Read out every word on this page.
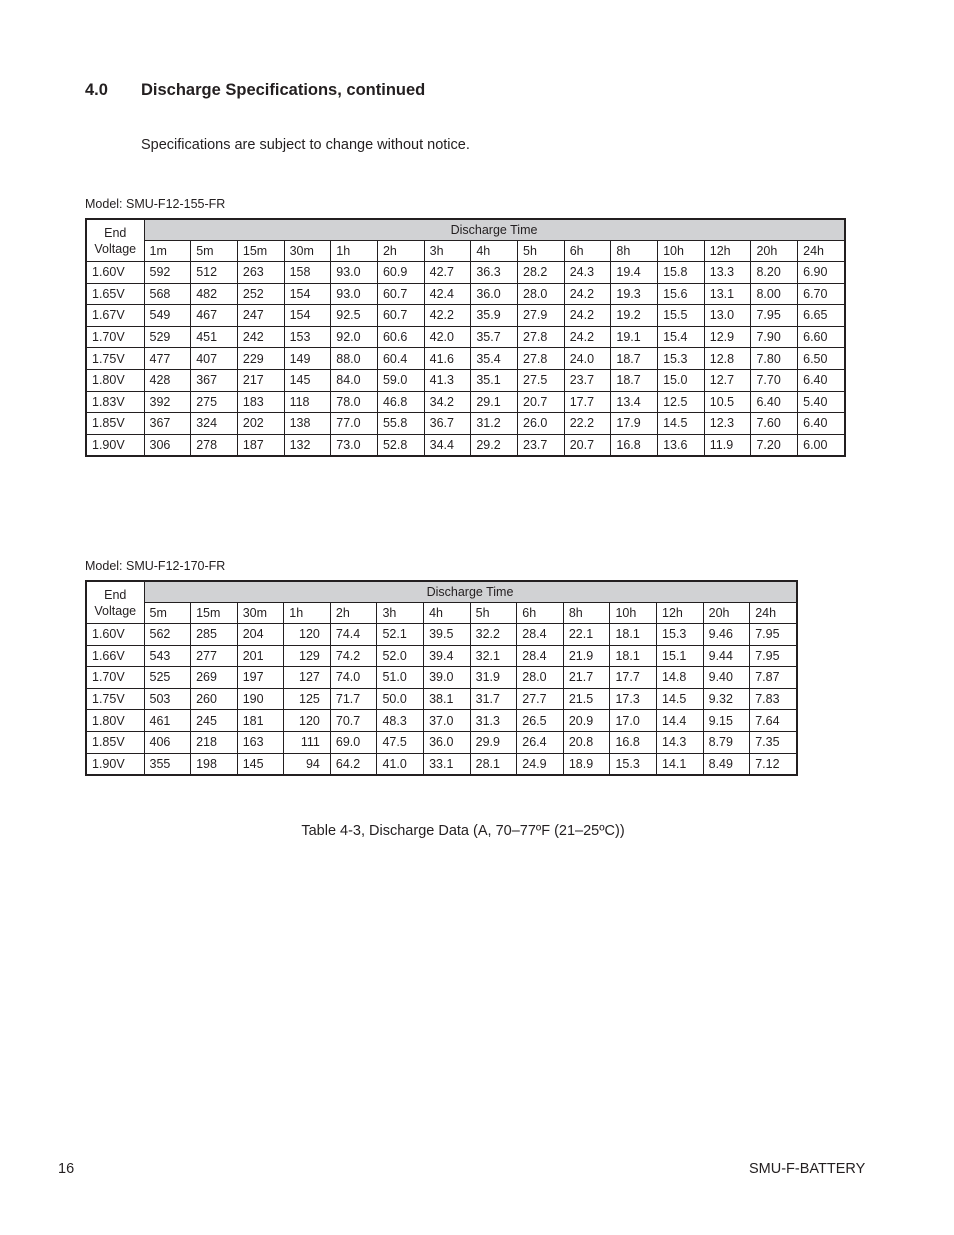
4.0 Discharge Specifications, continued
Specifications are subject to change without notice.
Model: SMU-F12-155-FR
End
Voltage	Discharge Time														
	1m	5m	15m	30m	1h	2h	3h	4h	5h	6h	8h	10h	12h	20h	24h
1.60V	592	512	263	158	93.0	60.9	42.7	36.3	28.2	24.3	19.4	15.8	13.3	8.20	6.90
1.65V	568	482	252	154	93.0	60.7	42.4	36.0	28.0	24.2	19.3	15.6	13.1	8.00	6.70
1.67V	549	467	247	154	92.5	60.7	42.2	35.9	27.9	24.2	19.2	15.5	13.0	7.95	6.65
1.70V	529	451	242	153	92.0	60.6	42.0	35.7	27.8	24.2	19.1	15.4	12.9	7.90	6.60
1.75V	477	407	229	149	88.0	60.4	41.6	35.4	27.8	24.0	18.7	15.3	12.8	7.80	6.50
1.80V	428	367	217	145	84.0	59.0	41.3	35.1	27.5	23.7	18.7	15.0	12.7	7.70	6.40
1.83V	392	275	183	118	78.0	46.8	34.2	29.1	20.7	17.7	13.4	12.5	10.5	6.40	5.40
1.85V	367	324	202	138	77.0	55.8	36.7	31.2	26.0	22.2	17.9	14.5	12.3	7.60	6.40
1.90V	306	278	187	132	73.0	52.8	34.4	29.2	23.7	20.7	16.8	13.6	11.9	7.20	6.00
Model: SMU-F12-170-FR
End
Voltage	Discharge Time													
	5m	15m	30m	1h	2h	3h	4h	5h	6h	8h	10h	12h	20h	24h
1.60V	562	285	204	120	74.4	52.1	39.5	32.2	28.4	22.1	18.1	15.3	9.46	7.95
1.66V	543	277	201	129	74.2	52.0	39.4	32.1	28.4	21.9	18.1	15.1	9.44	7.95
1.70V	525	269	197	127	74.0	51.0	39.0	31.9	28.0	21.7	17.7	14.8	9.40	7.87
1.75V	503	260	190	125	71.7	50.0	38.1	31.7	27.7	21.5	17.3	14.5	9.32	7.83
1.80V	461	245	181	120	70.7	48.3	37.0	31.3	26.5	20.9	17.0	14.4	9.15	7.64
1.85V	406	218	163	111	69.0	47.5	36.0	29.9	26.4	20.8	16.8	14.3	8.79	7.35
1.90V	355	198	145	94	64.2	41.0	33.1	28.1	24.9	18.9	15.3	14.1	8.49	7.12
Table 4-3, Discharge Data (A, 70–77ºF (21–25ºC))
16	SMU-F-BATTERY
